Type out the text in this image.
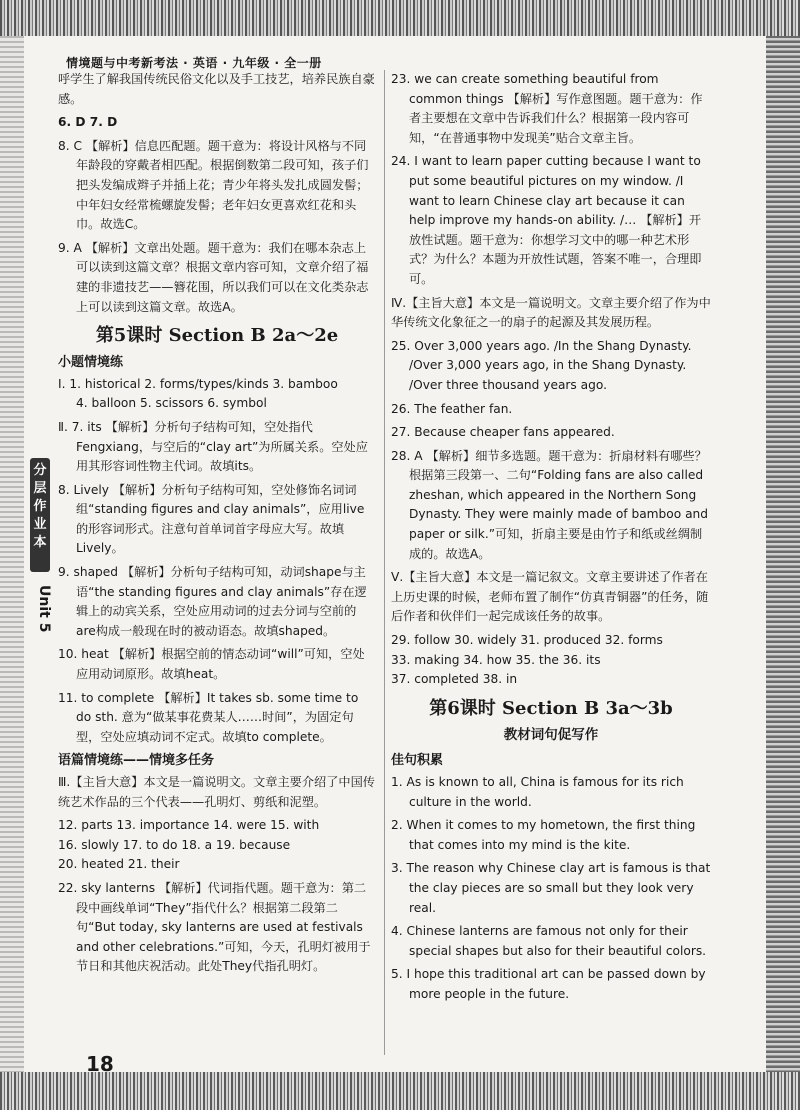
情境题与中考新考法 · 英语 · 九年级 · 全一册
分层作业本
Unit 5

呼学生了解我国传统民俗文化以及手工技艺，培养民族自豪感。

6. D 7. D

8. C 【解析】信息匹配题。题干意为：将设计风格与不同年龄段的穿戴者相匹配。根据倒数第二段可知，孩子们把头发编成辫子并插上花；青少年将头发扎成圆发髻；中年妇女经常梳螺旋发髻；老年妇女更喜欢红花和头巾。故选C。

9. A 【解析】文章出处题。题干意为：我们在哪本杂志上可以读到这篇文章？根据文章内容可知，文章介绍了福建的非遗技艺——簪花围，所以我们可以在文化类杂志上可以读到这篇文章。故选A。

第5课时 Section B 2a～2e
小题情境练

Ⅰ. 1. historical 2. forms/types/kinds 3. bamboo

4. balloon 5. scissors 6. symbol

Ⅱ. 7. its 【解析】分析句子结构可知，空处指代Fengxiang，与空后的“clay art”为所属关系。空处应用其形容词性物主代词。故填its。

8. Lively 【解析】分析句子结构可知，空处修饰名词词组“standing figures and clay animals”，应用live的形容词形式。注意句首单词首字母应大写。故填Lively。

9. shaped 【解析】分析句子结构可知，动词shape与主语“the standing figures and clay animals”存在逻辑上的动宾关系，空处应用动词的过去分词与空前的are构成一般现在时的被动语态。故填shaped。

10. heat 【解析】根据空前的情态动词“will”可知，空处应用动词原形。故填heat。

11. to complete 【解析】It takes sb. some time to do sth. 意为“做某事花费某人……时间”，为固定句型，空处应填动词不定式。故填to complete。

语篇情境练——情境多任务

Ⅲ.【主旨大意】本文是一篇说明文。文章主要介绍了中国传统艺术作品的三个代表——孔明灯、剪纸和泥塑。

12. parts 13. importance 14. were 15. with

16. slowly 17. to do 18. a 19. because

20. heated 21. their

22. sky lanterns 【解析】代词指代题。题干意为：第二段中画线单词“They”指代什么？根据第二段第二句“But today, sky lanterns are used at festivals and other celebrations.”可知，今天，孔明灯被用于节日和其他庆祝活动。此处They代指孔明灯。

23. we can create something beautiful from common things 【解析】写作意图题。题干意为：作者主要想在文章中告诉我们什么？根据第一段内容可知，“在普通事物中发现美”贴合文章主旨。

24. I want to learn paper cutting because I want to put some beautiful pictures on my window. /I want to learn Chinese clay art because it can help improve my hands-on ability. /… 【解析】开放性试题。题干意为：你想学习文中的哪一种艺术形式？为什么？本题为开放性试题，答案不唯一，合理即可。

Ⅳ.【主旨大意】本文是一篇说明文。文章主要介绍了作为中华传统文化象征之一的扇子的起源及其发展历程。

25. Over 3,000 years ago. /In the Shang Dynasty. /Over 3,000 years ago, in the Shang Dynasty. /Over three thousand years ago.

26. The feather fan.

27. Because cheaper fans appeared.

28. A 【解析】细节多选题。题干意为：折扇材料有哪些？根据第三段第一、二句“Folding fans are also called zheshan, which appeared in the Northern Song Dynasty. They were mainly made of bamboo and paper or silk.”可知，折扇主要是由竹子和纸或丝绸制成的。故选A。

Ⅴ.【主旨大意】本文是一篇记叙文。文章主要讲述了作者在上历史课的时候，老师布置了制作“仿真青铜器”的任务，随后作者和伙伴们一起完成该任务的故事。

29. follow 30. widely 31. produced 32. forms

33. making 34. how 35. the 36. its

37. completed 38. in

第6课时 Section B 3a～3b
教材词句促写作
佳句积累

1. As is known to all, China is famous for its rich culture in the world.

2. When it comes to my hometown, the first thing that comes into my mind is the kite.

3. The reason why Chinese clay art is famous is that the clay pieces are so small but they look very real.

4. Chinese lanterns are famous not only for their special shapes but also for their beautiful colors.

5. I hope this traditional art can be passed down by more people in the future.

18
